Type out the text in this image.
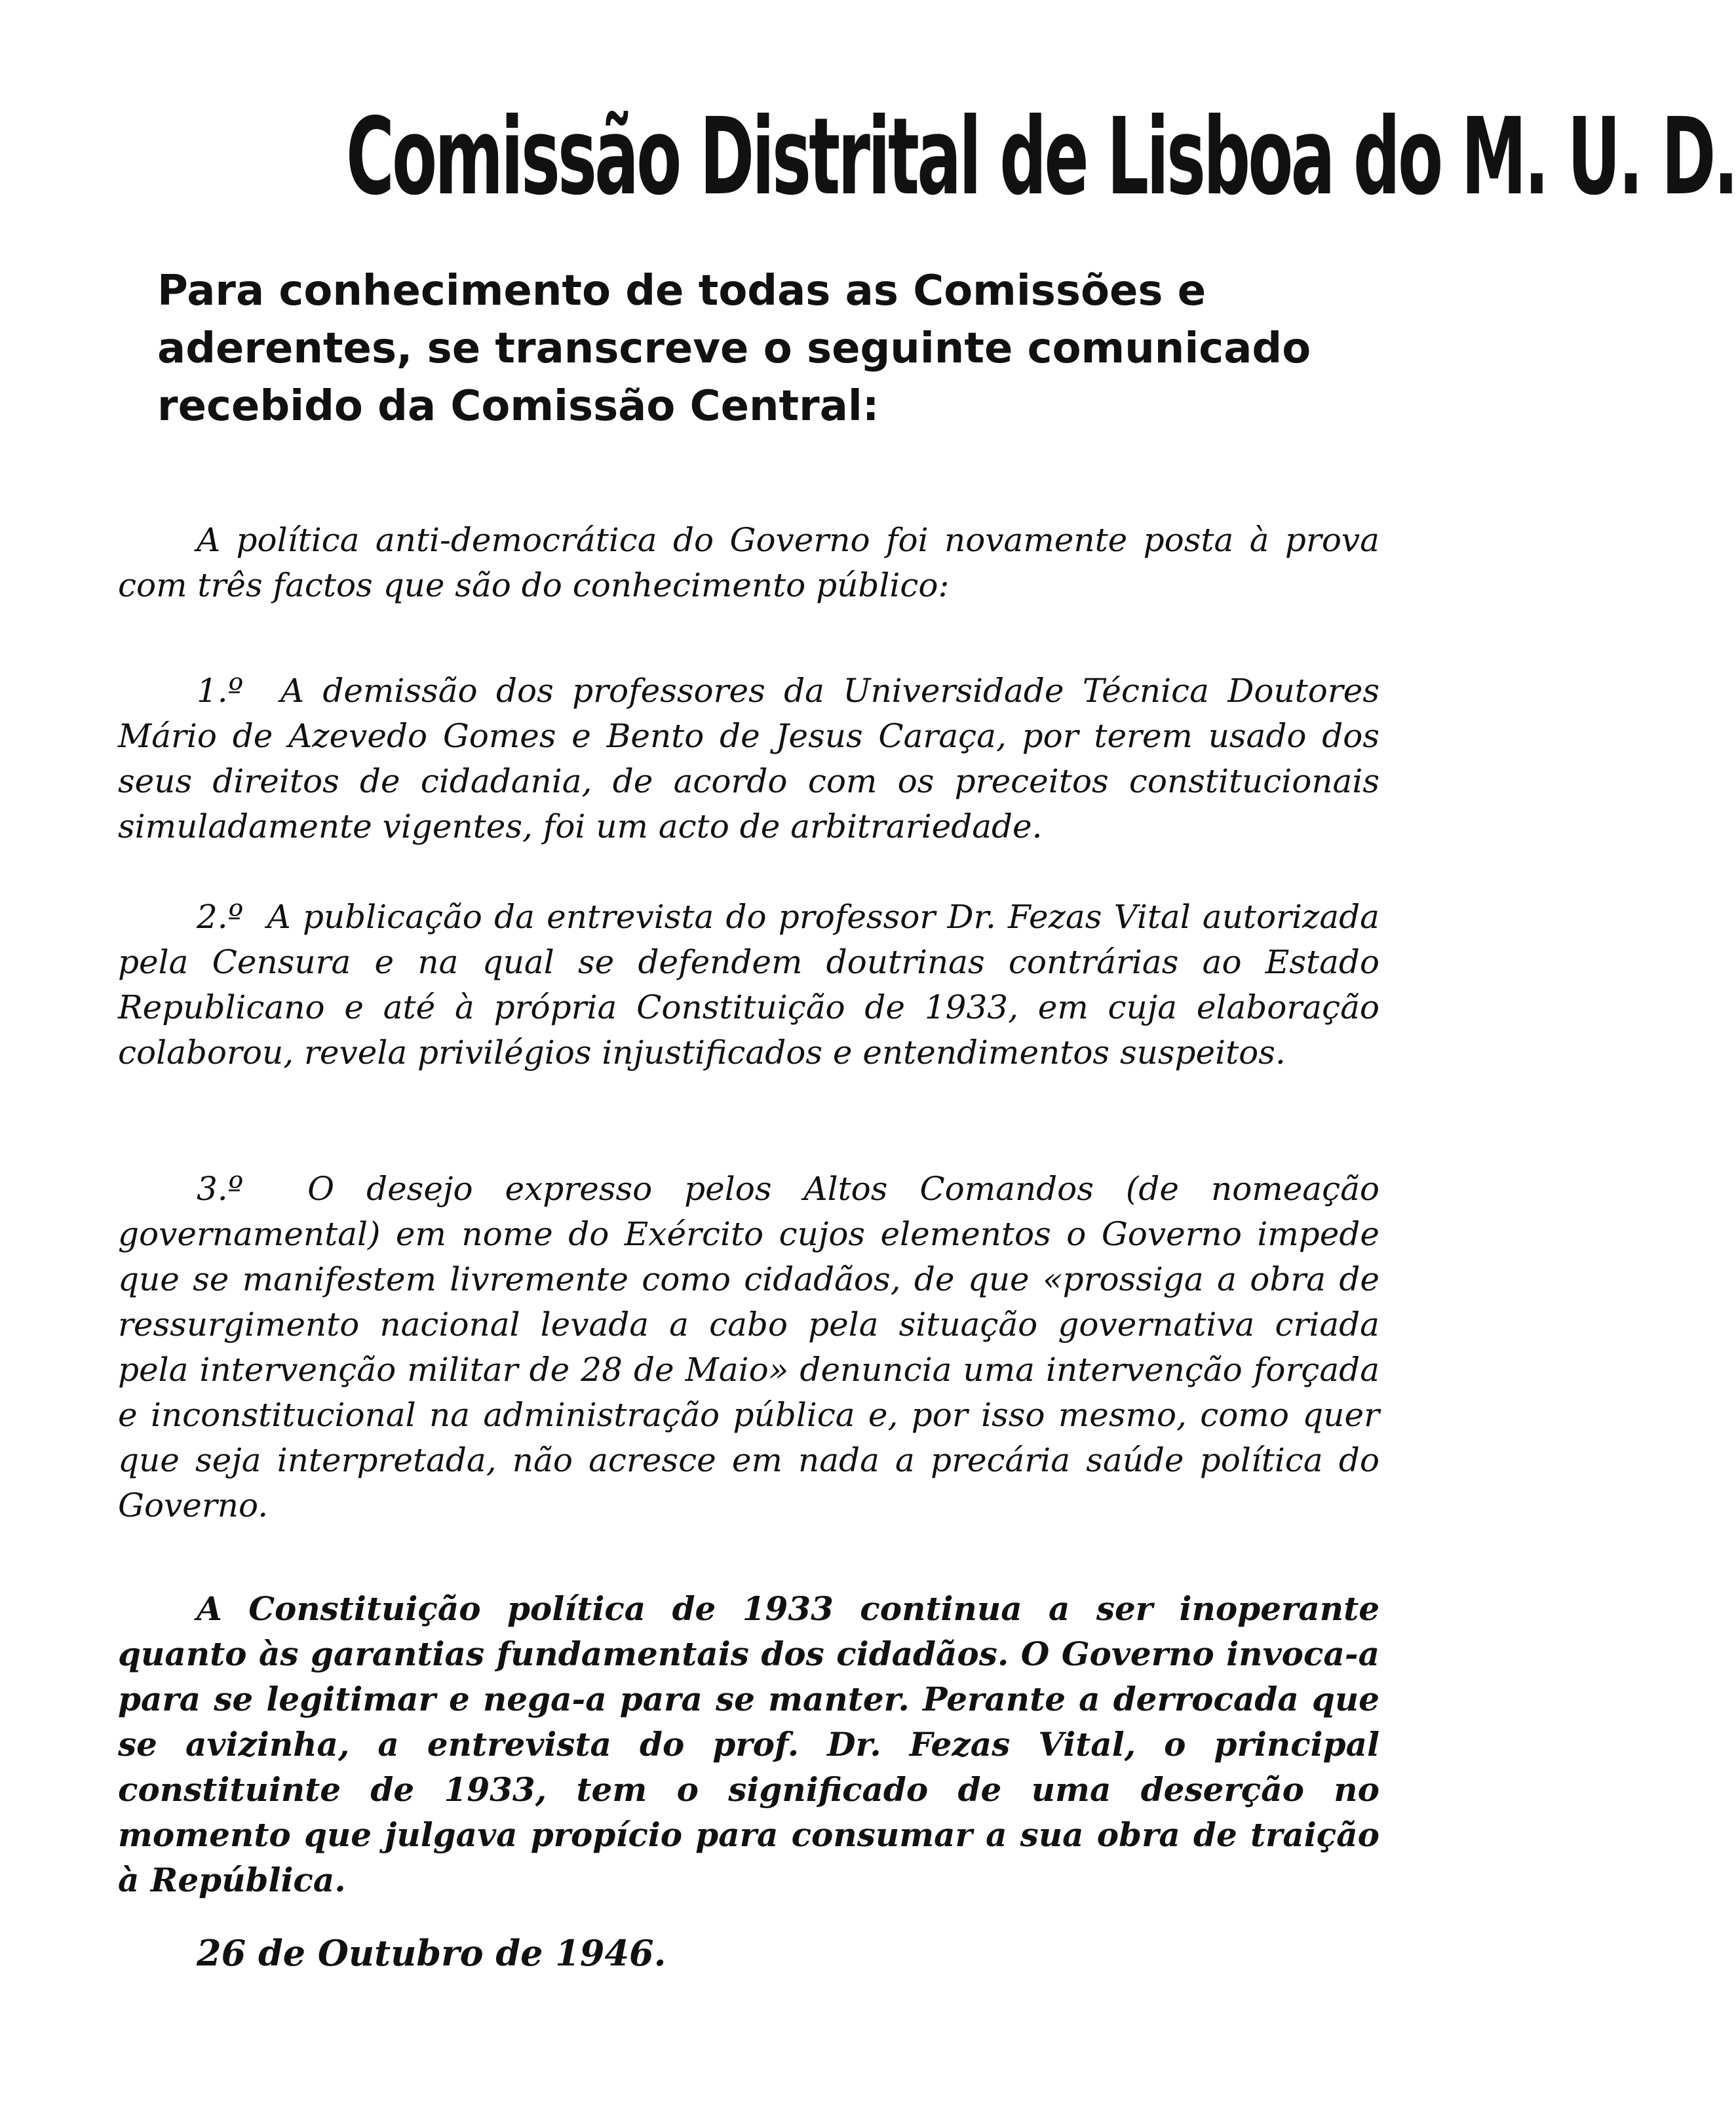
Comissão Distrital de Lisboa do M. U. D.

Para conhecimento de todas as Comissões e aderentes, se transcreve o seguinte comunicado recebido da Comissão Central:

A política anti-democrática do Governo foi novamente posta à prova com três factos que são do conhecimento público:

1.º A demissão dos professores da Universidade Técnica Doutores Mário de Azevedo Gomes e Bento de Jesus Caraça, por terem usado dos seus direitos de cidadania, de acordo com os preceitos constitucionais simuladamente vigentes, foi um acto de arbitrariedade.

2.º A publicação da entrevista do professor Dr. Fezas Vital autorizada pela Censura e na qual se defendem doutrinas contrárias ao Estado Republicano e até à própria Constituição de 1933, em cuja elaboração colaborou, revela privilégios injustificados e entendimentos suspeitos.

3.º O desejo expresso pelos Altos Comandos (de nomeação governamental) em nome do Exército cujos elementos o Governo impede que se manifestem livremente como cidadãos, de que «prossiga a obra de ressurgimento nacional levada a cabo pela situação governativa criada pela intervenção militar de 28 de Maio» denuncia uma intervenção forçada e inconstitucional na administração pública e, por isso mesmo, como quer que seja interpretada, não acresce em nada a precária saúde política do Governo.

A Constituição política de 1933 continua a ser inoperante quanto às garantias fundamentais dos cidadãos. O Governo invoca-a para se legitimar e nega-a para se manter. Perante a derrocada que se avizinha, a entrevista do prof. Dr. Fezas Vital, o principal constituinte de 1933, tem o significado de uma deserção no momento que julgava propício para consumar a sua obra de traição à República.

26 de Outubro de 1946.
